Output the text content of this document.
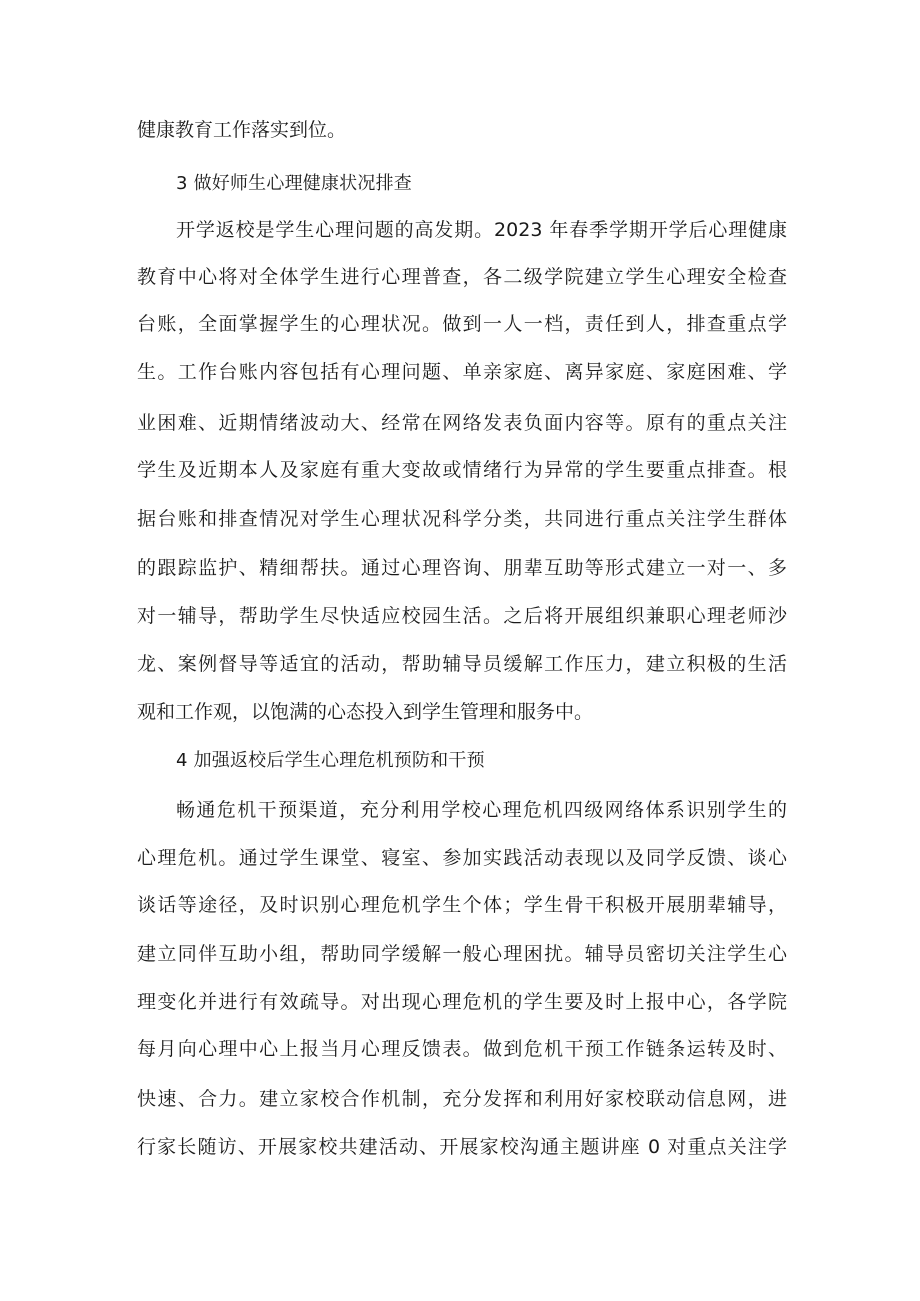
健康教育工作落实到位。
3 做好师生心理健康状况排查
开学返校是学生心理问题的高发期。2023 年春季学期开学后心理健康
教育中心将对全体学生进行心理普查，各二级学院建立学生心理安全检查
台账，全面掌握学生的心理状况。做到一人一档，责任到人，排查重点学
生。工作台账内容包括有心理问题、单亲家庭、离异家庭、家庭困难、学
业困难、近期情绪波动大、经常在网络发表负面内容等。原有的重点关注
学生及近期本人及家庭有重大变故或情绪行为异常的学生要重点排查。根
据台账和排查情况对学生心理状况科学分类，共同进行重点关注学生群体
的跟踪监护、精细帮扶。通过心理咨询、朋辈互助等形式建立一对一、多
对一辅导，帮助学生尽快适应校园生活。之后将开展组织兼职心理老师沙
龙、案例督导等适宜的活动，帮助辅导员缓解工作压力，建立积极的生活
观和工作观，以饱满的心态投入到学生管理和服务中。
4 加强返校后学生心理危机预防和干预
畅通危机干预渠道，充分利用学校心理危机四级网络体系识别学生的
心理危机。通过学生课堂、寝室、参加实践活动表现以及同学反馈、谈心
谈话等途径，及时识别心理危机学生个体；学生骨干积极开展朋辈辅导，
建立同伴互助小组，帮助同学缓解一般心理困扰。辅导员密切关注学生心
理变化并进行有效疏导。对出现心理危机的学生要及时上报中心，各学院
每月向心理中心上报当月心理反馈表。做到危机干预工作链条运转及时、
快速、合力。建立家校合作机制，充分发挥和利用好家校联动信息网，进
行家长随访、开展家校共建活动、开展家校沟通主题讲座 0 对重点关注学
